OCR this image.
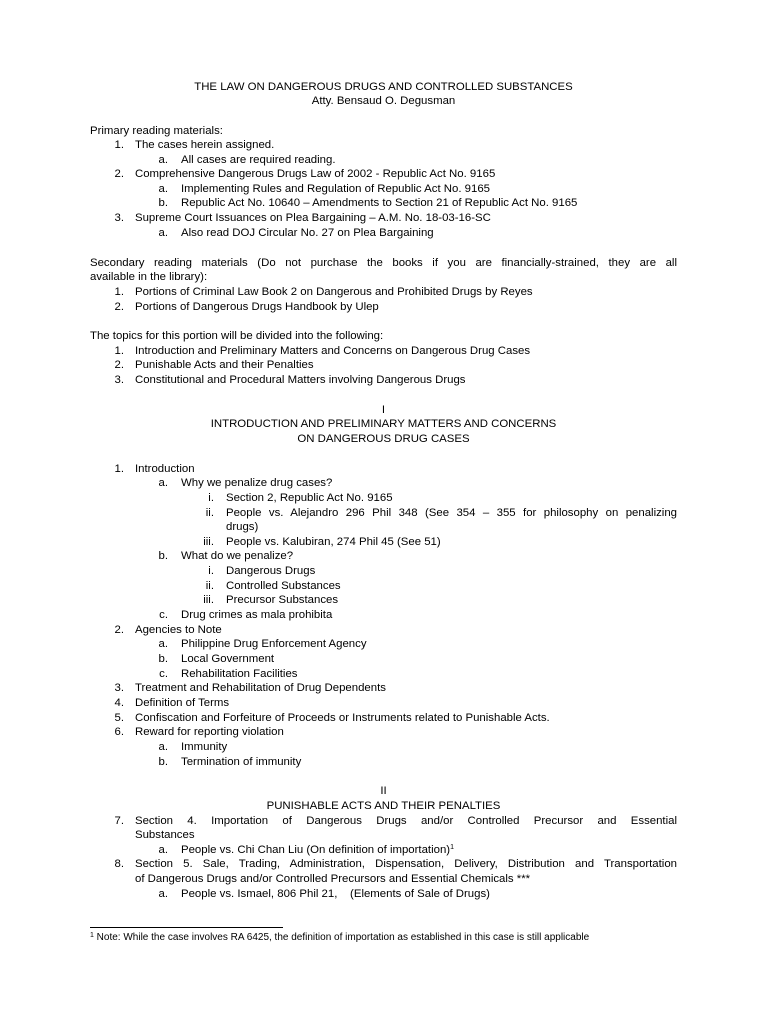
THE LAW ON DANGEROUS DRUGS AND CONTROLLED SUBSTANCES
Atty. Bensaud O. Degusman
Primary reading materials:
1. The cases herein assigned.
a. All cases are required reading.
2. Comprehensive Dangerous Drugs Law of 2002 - Republic Act No. 9165
a. Implementing Rules and Regulation of Republic Act No. 9165
b. Republic Act No. 10640 – Amendments to Section 21 of Republic Act No. 9165
3. Supreme Court Issuances on Plea Bargaining – A.M. No. 18-03-16-SC
a. Also read DOJ Circular No. 27 on Plea Bargaining
Secondary reading materials (Do not purchase the books if you are financially-strained, they are all
available in the library):
1. Portions of Criminal Law Book 2 on Dangerous and Prohibited Drugs by Reyes
2. Portions of Dangerous Drugs Handbook by Ulep
The topics for this portion will be divided into the following:
1. Introduction and Preliminary Matters and Concerns on Dangerous Drug Cases
2. Punishable Acts and their Penalties
3. Constitutional and Procedural Matters involving Dangerous Drugs
I
INTRODUCTION AND PRELIMINARY MATTERS AND CONCERNS
ON DANGEROUS DRUG CASES
1. Introduction
a. Why we penalize drug cases?
i. Section 2, Republic Act No. 9165
ii. People vs. Alejandro 296 Phil 348 (See 354 – 355 for philosophy on penalizing
drugs)
iii. People vs. Kalubiran, 274 Phil 45 (See 51)
b. What do we penalize?
i. Dangerous Drugs
ii. Controlled Substances
iii. Precursor Substances
c. Drug crimes as mala prohibita
2. Agencies to Note
a. Philippine Drug Enforcement Agency
b. Local Government
c. Rehabilitation Facilities
3. Treatment and Rehabilitation of Drug Dependents
4. Definition of Terms
5. Confiscation and Forfeiture of Proceeds or Instruments related to Punishable Acts.
6. Reward for reporting violation
a. Immunity
b. Termination of immunity
II
PUNISHABLE ACTS AND THEIR PENALTIES
7. Section 4. Importation of Dangerous Drugs and/or Controlled Precursor and Essential
Substances
a. People vs. Chi Chan Liu (On definition of importation)$^1$
8. Section 5. Sale, Trading, Administration, Dispensation, Delivery, Distribution and Transportation
of Dangerous Drugs and/or Controlled Precursors and Essential Chemicals ***
a. People vs. Ismael, 806 Phil 21,    (Elements of Sale of Drugs)
$^1$ Note: While the case involves RA 6425, the definition of importation as established in this case is still applicable
